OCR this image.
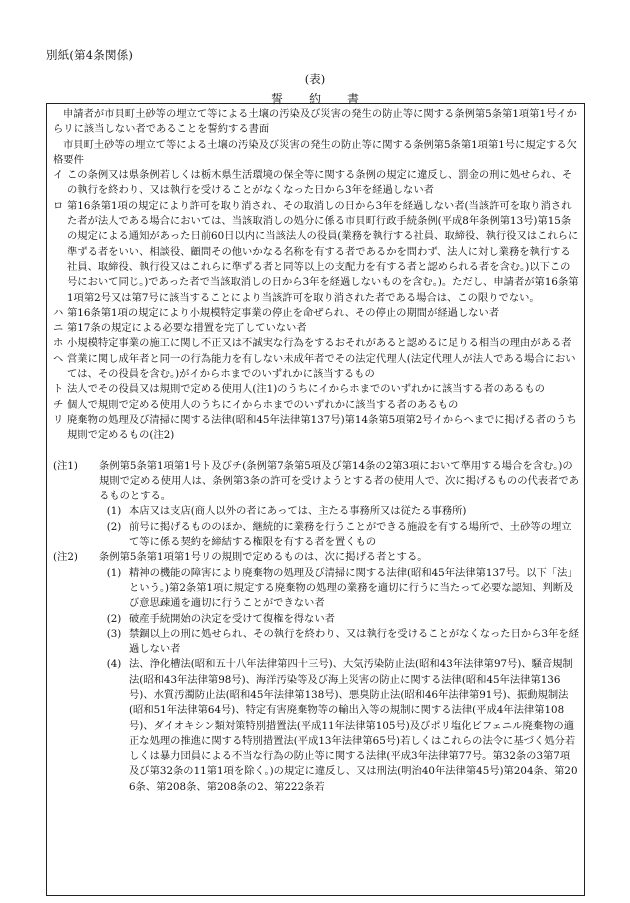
別紙(第4条関係)
(表)
誓約書

申請者が市貝町土砂等の埋立て等による土壌の汚染及び災害の発生の防止等に関する条例第5条第1項第1号イからリに該当しない者であることを誓約する書面

市貝町土砂等の埋立て等による土壌の汚染及び災害の発生の防止等に関する条例第5条第1項第1号に規定する欠格要件

イ この条例又は県条例若しくは栃木県生活環境の保全等に関する条例の規定に違反し、罰金の刑に処せられ、その執行を終わり、又は執行を受けることがなくなった日から3年を経過しない者
ロ 第16条第1項の規定により許可を取り消され、その取消しの日から3年を経過しない者(当該許可を取り消された者が法人である場合においては、当該取消しの処分に係る市貝町行政手続条例(平成8年条例第13号)第15条の規定による通知があった日前60日以内に当該法人の役員(業務を執行する社員、取締役、執行役又はこれらに準ずる者をいい、相談役、顧問その他いかなる名称を有する者であるかを問わず、法人に対し業務を執行する社員、取締役、執行役又はこれらに準ずる者と同等以上の支配力を有する者と認められる者を含む。)以下この号において同じ。)であった者で当該取消しの日から3年を経過しないものを含む。)。ただし、申請者が第16条第1項第2号又は第7号に該当することにより当該許可を取り消された者である場合は、この限りでない。
ハ 第16条第1項の規定により小規模特定事業の停止を命ぜられ、その停止の期間が経過しない者
ニ 第17条の規定による必要な措置を完了していない者
ホ 小規模特定事業の施工に関し不正又は不誠実な行為をするおそれがあると認めるに足りる相当の理由がある者
ヘ 営業に関し成年者と同一の行為能力を有しない未成年者でその法定代理人(法定代理人が法人である場合においては、その役員を含む。)がイからホまでのいずれかに該当するもの
ト 法人でその役員又は規則で定める使用人(注1)のうちにイからホまでのいずれかに該当する者のあるもの
チ 個人で規則で定める使用人のうちにイからホまでのいずれかに該当する者のあるもの
リ 廃棄物の処理及び清掃に関する法律(昭和45年法律第137号)第14条第5項第2号イからヘまでに掲げる者のうち規則で定めるもの(注2)
(注1)	条例第5条第1項第1号ト及びチ(条例第7条第5項及び第14条の2第3項において準用する場合を含む。)の規則で定める使用人は、条例第3条の許可を受けようとする者の使用人で、次に掲げるものの代表者であるものとする。
(1) 本店又は支店(商人以外の者にあっては、主たる事務所又は従たる事務所)
(2) 前号に掲げるもののほか、継続的に業務を行うことができる施設を有する場所で、土砂等の埋立て等に係る契約を締結する権限を有する者を置くもの
(注2)	条例第5条第1項第1号リの規則で定めるものは、次に掲げる者とする。
(1) 精神の機能の障害により廃棄物の処理及び清掃に関する法律(昭和45年法律第137号。以下「法」という。)第2条第1項に規定する廃棄物の処理の業務を適切に行うに当たって必要な認知、判断及び意思疎通を適切に行うことができない者
(2) 破産手続開始の決定を受けて復権を得ない者
(3) 禁錮以上の刑に処せられ、その執行を終わり、又は執行を受けることがなくなった日から3年を経過しない者
(4) 法、浄化槽法(昭和五十八年法律第四十三号)、大気汚染防止法(昭和43年法律第97号)、騒音規制法(昭和43年法律第98号)、海洋汚染等及び海上災害の防止に関する法律(昭和45年法律第136号)、水質汚濁防止法(昭和45年法律第138号)、悪臭防止法(昭和46年法律第91号)、振動規制法(昭和51年法律第64号)、特定有害廃棄物等の輸出入等の規制に関する法律(平成4年法律第108号)、ダイオキシン類対策特別措置法(平成11年法律第105号)及びポリ塩化ビフェニル廃棄物の適正な処理の推進に関する特別措置法(平成13年法律第65号)若しくはこれらの法令に基づく処分若しくは暴力団員による不当な行為の防止等に関する法律(平成3年法律第77号。第32条の3第7項及び第32条の11第1項を除く。)の規定に違反し、又は刑法(明治40年法律第45号)第204条、第206条、第208条、第208条の2、第222条若
